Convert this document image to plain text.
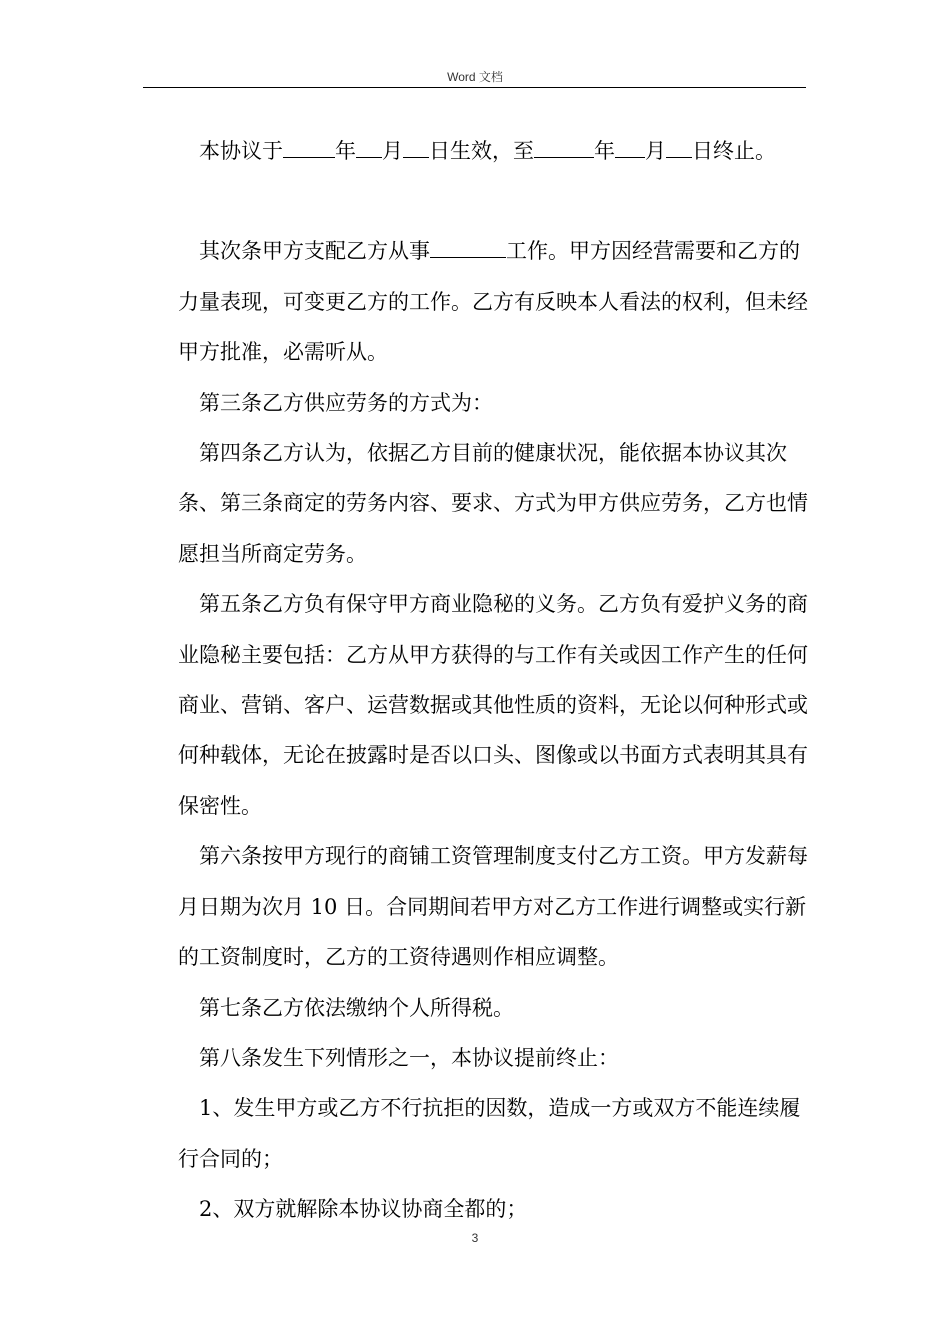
Word 文档

本协议于 年 月 日生效，至	年 月 日终止。

其次条甲方支配乙方从事	工作。甲方因经营需要和乙方的力量表现，可变更乙方的工作。乙方有反映本人看法的权利，但未经甲方批准，必需听从。

第三条乙方供应劳务的方式为：

第四条乙方认为，依据乙方目前的健康状况，能依据本协议其次条、第三条商定的劳务内容、要求、方式为甲方供应劳务，乙方也情愿担当所商定劳务。

第五条乙方负有保守甲方商业隐秘的义务。乙方负有爱护义务的商业隐秘主要包括：乙方从甲方获得的与工作有关或因工作产生的任何商业、营销、客户、运营数据或其他性质的资料，无论以何种形式或何种载体，无论在披露时是否以口头、图像或以书面方式表明其具有保密性。

第六条按甲方现行的商铺工资管理制度支付乙方工资。甲方发薪每月日期为次月 10 日。合同期间若甲方对乙方工作进行调整或实行新的工资制度时，乙方的工资待遇则作相应调整。

第七条乙方依法缴纳个人所得税。

第八条发生下列情形之一，本协议提前终止：

1、发生甲方或乙方不行抗拒的因数，造成一方或双方不能连续履行合同的；

2、双方就解除本协议协商全都的；

3
